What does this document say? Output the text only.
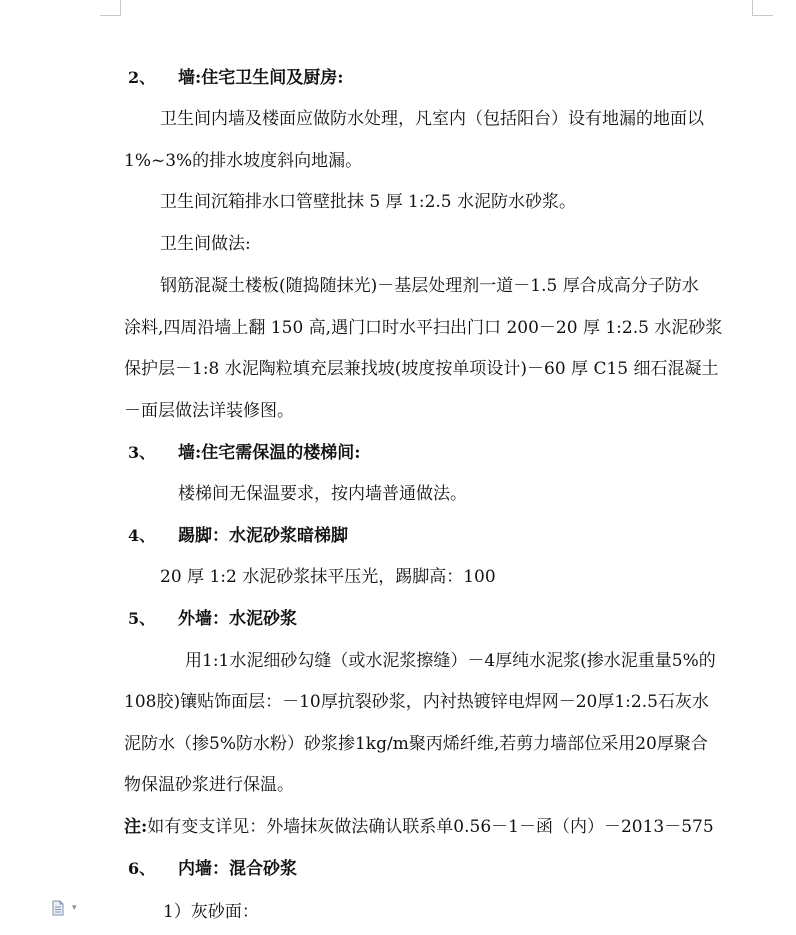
2、 墙:住宅卫生间及厨房:
卫生间内墙及楼面应做防水处理，凡室内（包括阳台）设有地漏的地面以
1%~3%的排水坡度斜向地漏。
卫生间沉箱排水口管壁批抹 5 厚 1:2.5 水泥防水砂浆。
卫生间做法:
钢筋混凝土楼板(随捣随抹光)－基层处理剂一道－1.5 厚合成高分子防水
涂料,四周沿墙上翻 150 高,遇门口时水平扫出门口 200－20 厚 1:2.5 水泥砂浆
保护层－1:8 水泥陶粒填充层兼找坡(坡度按单项设计)－60 厚 C15 细石混凝土
－面层做法详装修图。
3、 墙:住宅需保温的楼梯间:
楼梯间无保温要求，按内墙普通做法。
4、 踢脚：水泥砂浆暗梯脚
20 厚 1:2 水泥砂浆抹平压光，踢脚高：100
5、 外墙：水泥砂浆
用1:1水泥细砂勾缝（或水泥浆擦缝）－4厚纯水泥浆(掺水泥重量5%的
108胶)镶贴饰面层：－10厚抗裂砂浆，内衬热镀锌电焊网－20厚1:2.5石灰水
泥防水（掺5%防水粉）砂浆掺1kg/m聚丙烯纤维,若剪力墙部位采用20厚聚合
物保温砂浆进行保温。
注:如有变支详见：外墙抹灰做法确认联系单0.56－1－函（内）－2013－575
6、 内墙：混合砂浆
1）灰砂面：
▾
